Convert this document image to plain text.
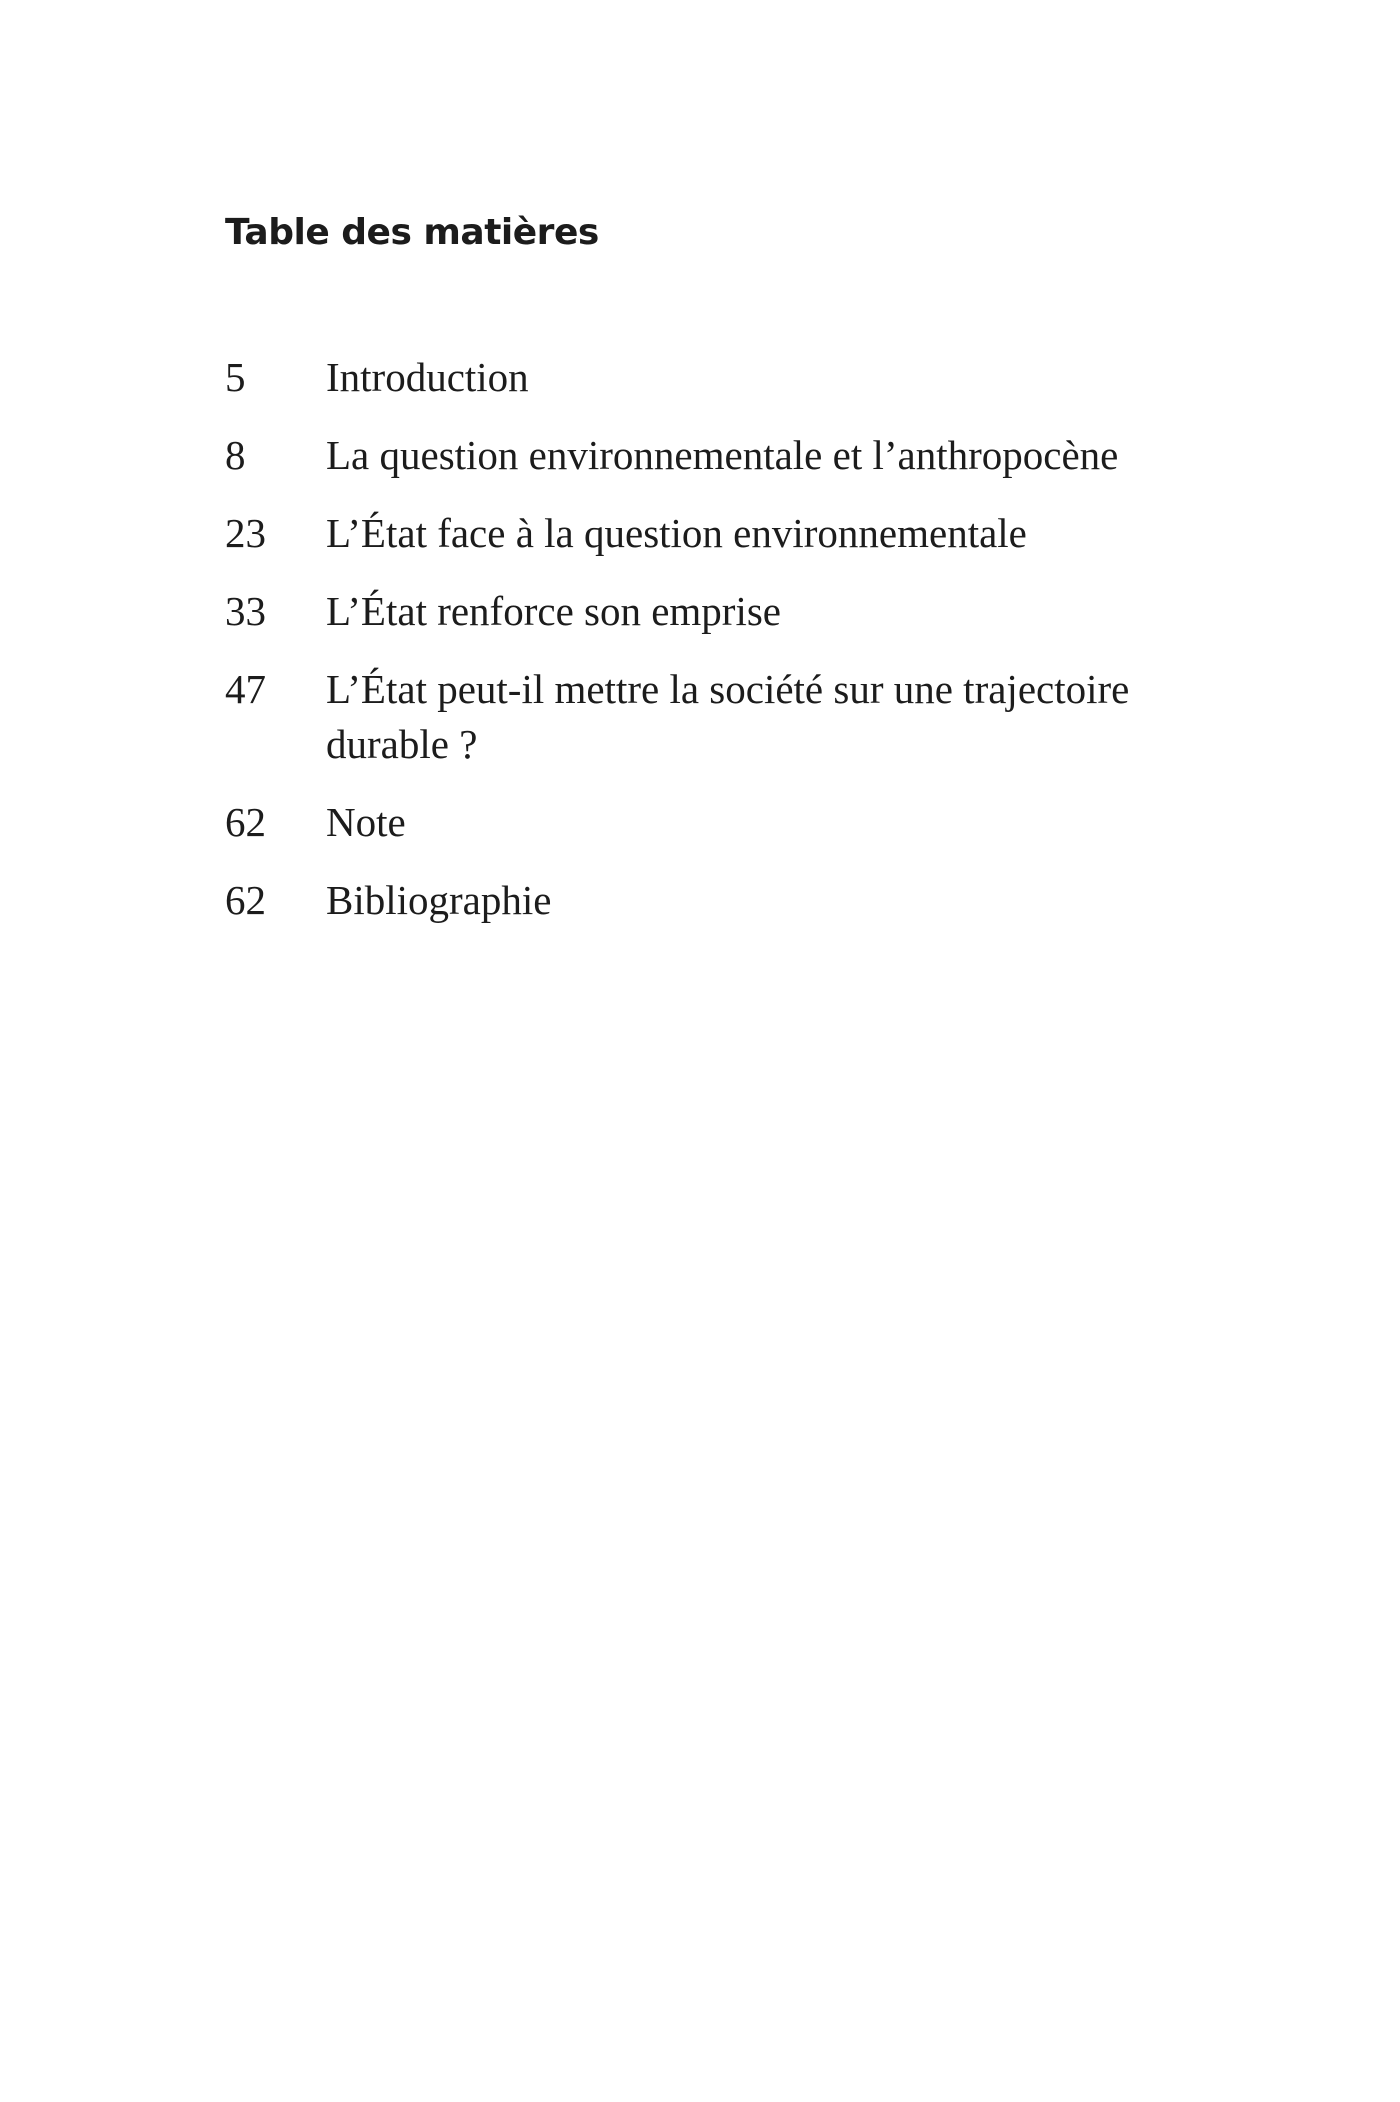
Table des matières
5	Introduction
8	La question environnementale et l’anthropocène
23	L’État face à la question environnementale
33	L’État renforce son emprise
47	L’État peut-il mettre la société sur une trajectoire durable ?
62	Note
62	Bibliographie
